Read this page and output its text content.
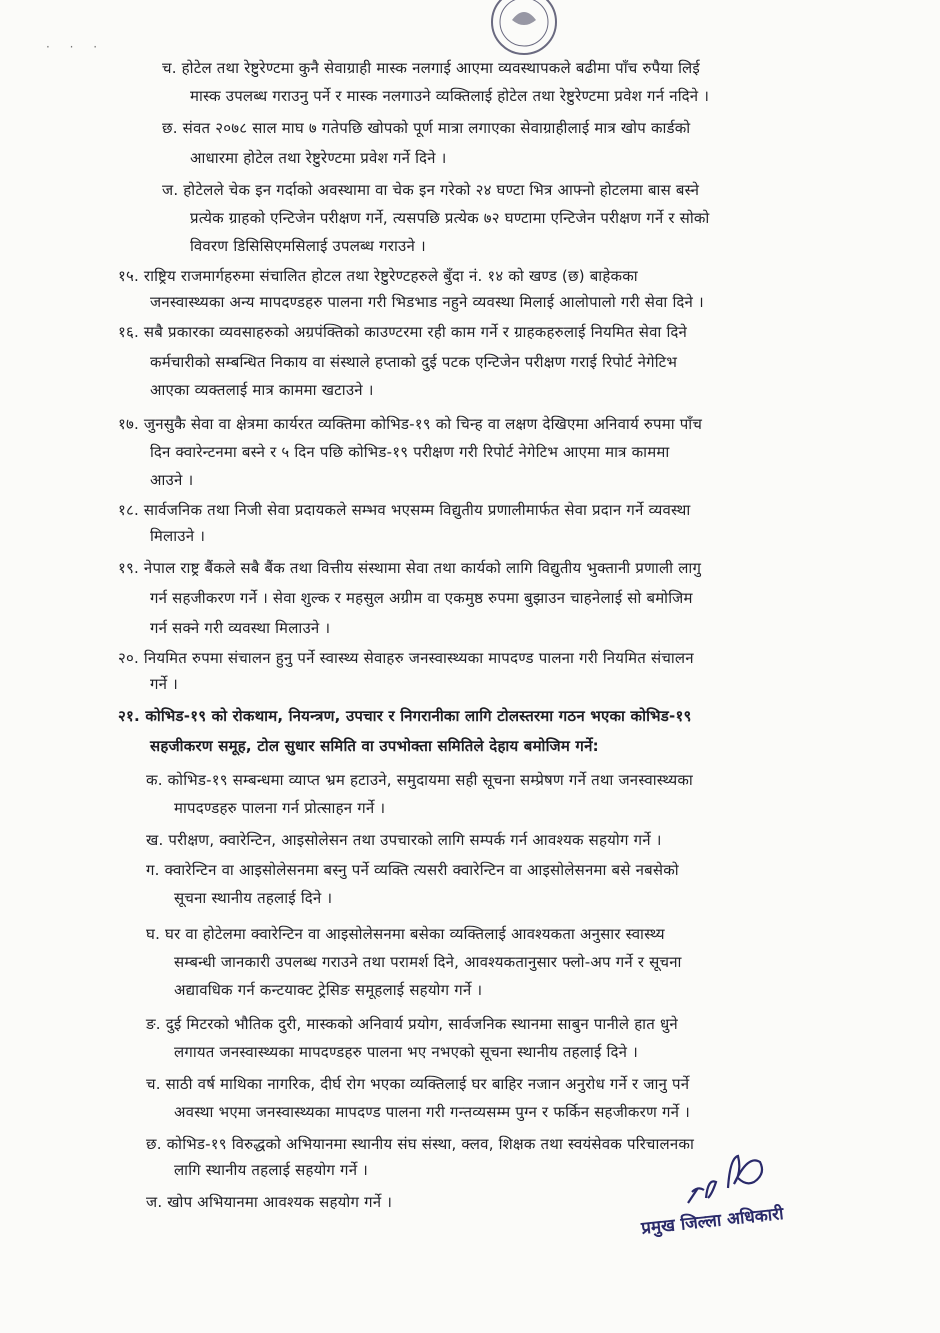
· · ·
च. होटेल तथा रेष्टुरेण्टमा कुनै सेवाग्राही मास्क नलगाई आएमा व्यवस्थापकले बढीमा पाँच रुपैया लिई
मास्क उपलब्ध गराउनु पर्ने र मास्क नलगाउने व्यक्तिलाई होटेल तथा रेष्टुरेण्टमा प्रवेश गर्न नदिने ।
छ. संवत २०७८ साल माघ ७ गतेपछि खोपको पूर्ण मात्रा लगाएका सेवाग्राहीलाई मात्र खोप कार्डको
आधारमा होटेल तथा रेष्टुरेण्टमा प्रवेश गर्ने दिने ।
ज. होटेलले चेक इन गर्दाको अवस्थामा वा चेक इन गरेको २४ घण्टा भित्र आफ्नो होटलमा बास बस्ने
प्रत्येक ग्राहको एन्टिजेन परीक्षण गर्ने, त्यसपछि प्रत्येक ७२ घण्टामा एन्टिजेन परीक्षण गर्ने र सोको
विवरण डिसिसिएमसिलाई उपलब्ध गराउने ।
१५. राष्ट्रिय राजमार्गहरुमा संचालित होटल तथा रेष्टुरेण्टहरुले बुँदा नं. १४ को खण्ड (छ) बाहेकका
जनस्वास्थ्यका अन्य मापदण्डहरु पालना गरी भिडभाड नहुने व्यवस्था मिलाई आलोपालो गरी सेवा दिने ।
१६. सबै प्रकारका व्यवसाहरुको अग्रपंक्तिको काउण्टरमा रही काम गर्ने र ग्राहकहरुलाई नियमित सेवा दिने
कर्मचारीको सम्बन्धित निकाय वा संस्थाले हप्ताको दुई पटक एन्टिजेन परीक्षण गराई रिपोर्ट नेगेटिभ
आएका व्यक्तलाई मात्र काममा खटाउने ।
१७. जुनसुकै सेवा वा क्षेत्रमा कार्यरत व्यक्तिमा कोभिड-१९ को चिन्ह वा लक्षण देखिएमा अनिवार्य रुपमा पाँच
दिन क्वारेन्टनमा बस्ने र ५ दिन पछि कोभिड-१९ परीक्षण गरी रिपोर्ट नेगेटिभ आएमा मात्र काममा
आउने ।
१८. सार्वजनिक तथा निजी सेवा प्रदायकले सम्भव भएसम्म विद्युतीय प्रणालीमार्फत सेवा प्रदान गर्ने व्यवस्था
मिलाउने ।
१९. नेपाल राष्ट्र बैंकले सबै बैंक तथा वित्तीय संस्थामा सेवा तथा कार्यको लागि विद्युतीय भुक्तानी प्रणाली लागु
गर्न सहजीकरण गर्ने । सेवा शुल्क र महसुल अग्रीम वा एकमुष्ठ रुपमा बुझाउन चाहनेलाई सो बमोजिम
गर्न सक्ने गरी व्यवस्था मिलाउने ।
२०. नियमित रुपमा संचालन हुनु पर्ने स्वास्थ्य सेवाहरु जनस्वास्थ्यका मापदण्ड पालना गरी नियमित संचालन
गर्ने ।
२१. कोभिड-१९ को रोकथाम, नियन्त्रण, उपचार र निगरानीका लागि टोलस्तरमा गठन भएका कोभिड-१९
सहजीकरण समूह, टोल सुधार समिति वा उपभोक्ता समितिले देहाय बमोजिम गर्ने:
क. कोभिड-१९ सम्बन्धमा व्याप्त भ्रम हटाउने, समुदायमा सही सूचना सम्प्रेषण गर्ने तथा जनस्वास्थ्यका
मापदण्डहरु पालना गर्न प्रोत्साहन गर्ने ।
ख. परीक्षण, क्वारेन्टिन, आइसोलेसन तथा उपचारको लागि सम्पर्क गर्न आवश्यक सहयोग गर्ने ।
ग. क्वारेन्टिन वा आइसोलेसनमा बस्नु पर्ने व्यक्ति त्यसरी क्वारेन्टिन वा आइसोलेसनमा बसे नबसेको
सूचना स्थानीय तहलाई दिने ।
घ. घर वा होटेलमा क्वारेन्टिन वा आइसोलेसनमा बसेका व्यक्तिलाई आवश्यकता अनुसार स्वास्थ्य
सम्बन्धी जानकारी उपलब्ध गराउने तथा परामर्श दिने, आवश्यकतानुसार फ्लो-अप गर्ने र सूचना
अद्यावधिक गर्न कन्टयाक्ट ट्रेसिङ समूहलाई सहयोग गर्ने ।
ङ. दुई मिटरको भौतिक दुरी, मास्कको अनिवार्य प्रयोग, सार्वजनिक स्थानमा साबुन पानीले हात धुने
लगायत जनस्वास्थ्यका मापदण्डहरु पालना भए नभएको सूचना स्थानीय तहलाई दिने ।
च. साठी वर्ष माथिका नागरिक, दीर्घ रोग भएका व्यक्तिलाई घर बाहिर नजान अनुरोध गर्ने र जानु पर्ने
अवस्था भएमा जनस्वास्थ्यका मापदण्ड पालना गरी गन्तव्यसम्म पुग्न र फर्किन सहजीकरण गर्ने ।
छ. कोभिड-१९ विरुद्धको अभियानमा स्थानीय संघ संस्था, क्लव, शिक्षक तथा स्वयंसेवक परिचालनका
लागि स्थानीय तहलाई सहयोग गर्ने ।
ज. खोप अभियानमा आवश्यक सहयोग गर्ने ।
प्रमुख जिल्ला अधिकारी
